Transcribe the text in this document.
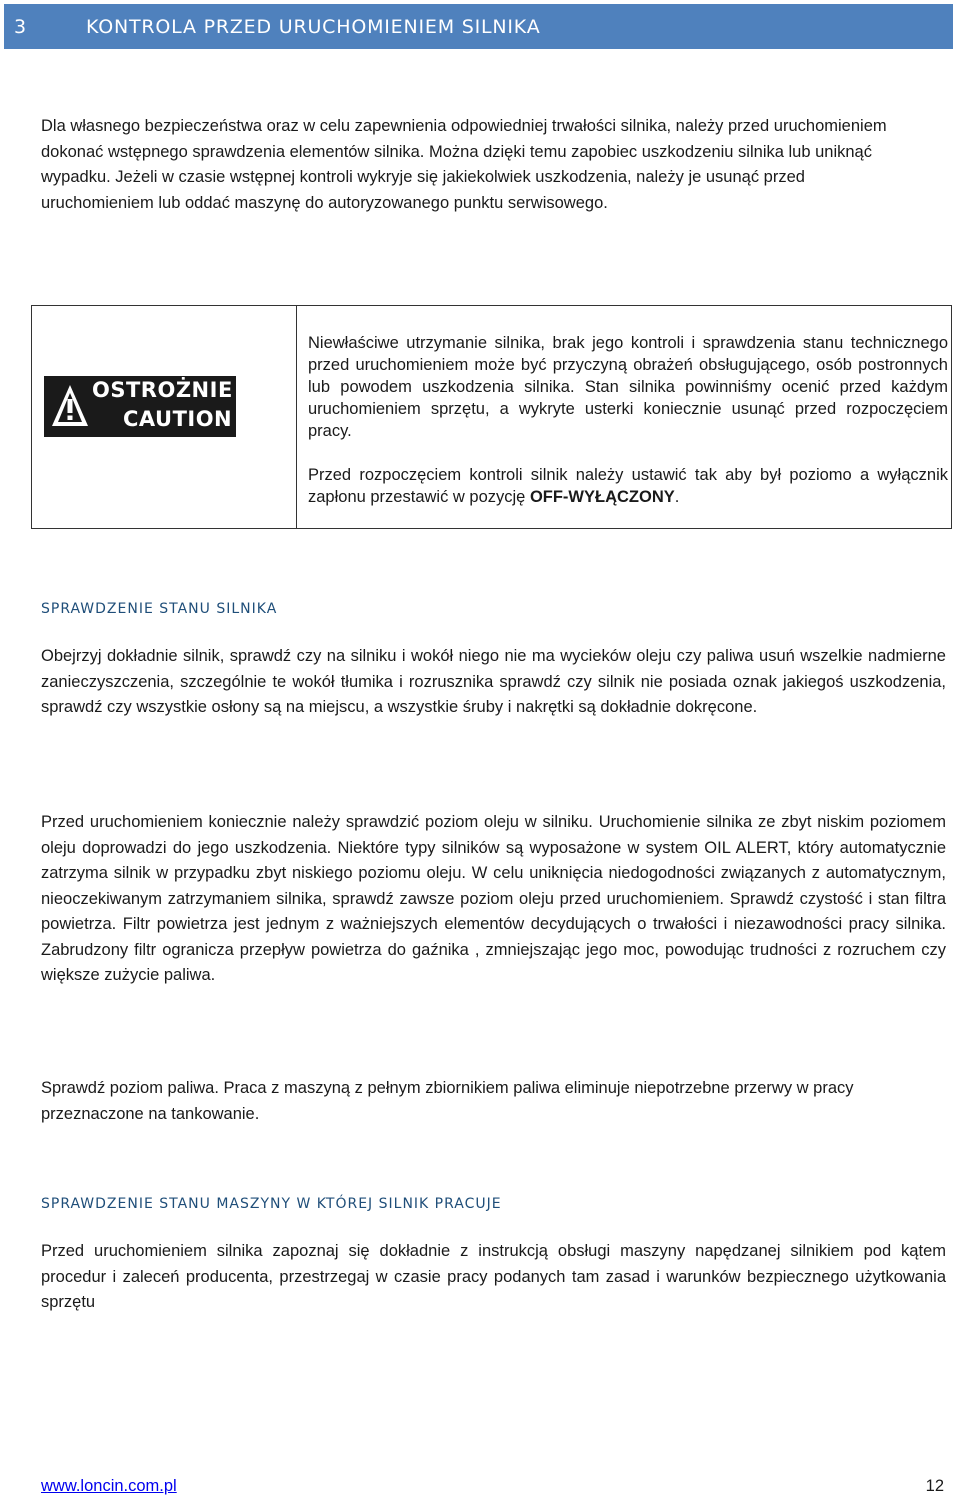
3	KONTROLA PRZED URUCHOMIENIEM SILNIKA

Dla własnego bezpieczeństwa oraz w celu zapewnienia odpowiedniej trwałości silnika, należy przed uruchomieniem dokonać wstępnego sprawdzenia elementów silnika. Można dzięki temu zapobiec uszkodzeniu silnika lub uniknąć wypadku. Jeżeli w czasie wstępnej kontroli wykryje się jakiekolwiek uszkodzenia, należy je usunąć przed uruchomieniem lub oddać maszynę do autoryzowanego punktu serwisowego.

OSTROŻNIE
CAUTION

Niewłaściwe utrzymanie silnika, brak jego kontroli i sprawdzenia stanu technicznego przed uruchomieniem może być przyczyną obrażeń obsługującego, osób postronnych lub powodem uszkodzenia silnika. Stan silnika powinniśmy ocenić przed każdym uruchomieniem sprzętu, a wykryte usterki koniecznie usunąć przed rozpoczęciem pracy.

Przed rozpoczęciem kontroli silnik należy ustawić tak aby był poziomo a wyłącznik zapłonu przestawić w pozycję OFF-WYŁĄCZONY.

SPRAWDZENIE STANU SILNIKA

Obejrzyj dokładnie silnik, sprawdź czy na silniku i wokół niego nie ma wycieków oleju czy paliwa usuń wszelkie nadmierne zanieczyszczenia, szczególnie te wokół tłumika i rozrusznika sprawdź czy silnik nie posiada oznak jakiegoś uszkodzenia, sprawdź czy wszystkie osłony są na miejscu, a wszystkie śruby i nakrętki są dokładnie dokręcone.

Przed uruchomieniem koniecznie należy sprawdzić poziom oleju w silniku. Uruchomienie silnika ze zbyt niskim poziomem oleju doprowadzi do jego uszkodzenia. Niektóre typy silników są wyposażone w system OIL ALERT, który automatycznie zatrzyma silnik w przypadku zbyt niskiego poziomu oleju. W celu uniknięcia niedogodności związanych z automatycznym, nieoczekiwanym zatrzymaniem silnika, sprawdź zawsze poziom oleju przed uruchomieniem. Sprawdź czystość i stan filtra powietrza. Filtr powietrza jest jednym z ważniejszych elementów decydujących o trwałości i niezawodności pracy silnika. Zabrudzony filtr ogranicza przepływ powietrza do gaźnika , zmniejszając jego moc, powodując trudności z rozruchem czy większe zużycie paliwa.

Sprawdź poziom paliwa. Praca z maszyną z pełnym zbiornikiem paliwa eliminuje niepotrzebne przerwy w pracy przeznaczone na tankowanie.

SPRAWDZENIE STANU MASZYNY W KTÓREJ SILNIK PRACUJE

Przed uruchomieniem silnika zapoznaj się dokładnie z instrukcją obsługi maszyny napędzanej silnikiem pod kątem procedur i zaleceń producenta, przestrzegaj w czasie pracy podanych tam zasad i warunków bezpiecznego użytkowania sprzętu

www.loncin.com.pl	12
